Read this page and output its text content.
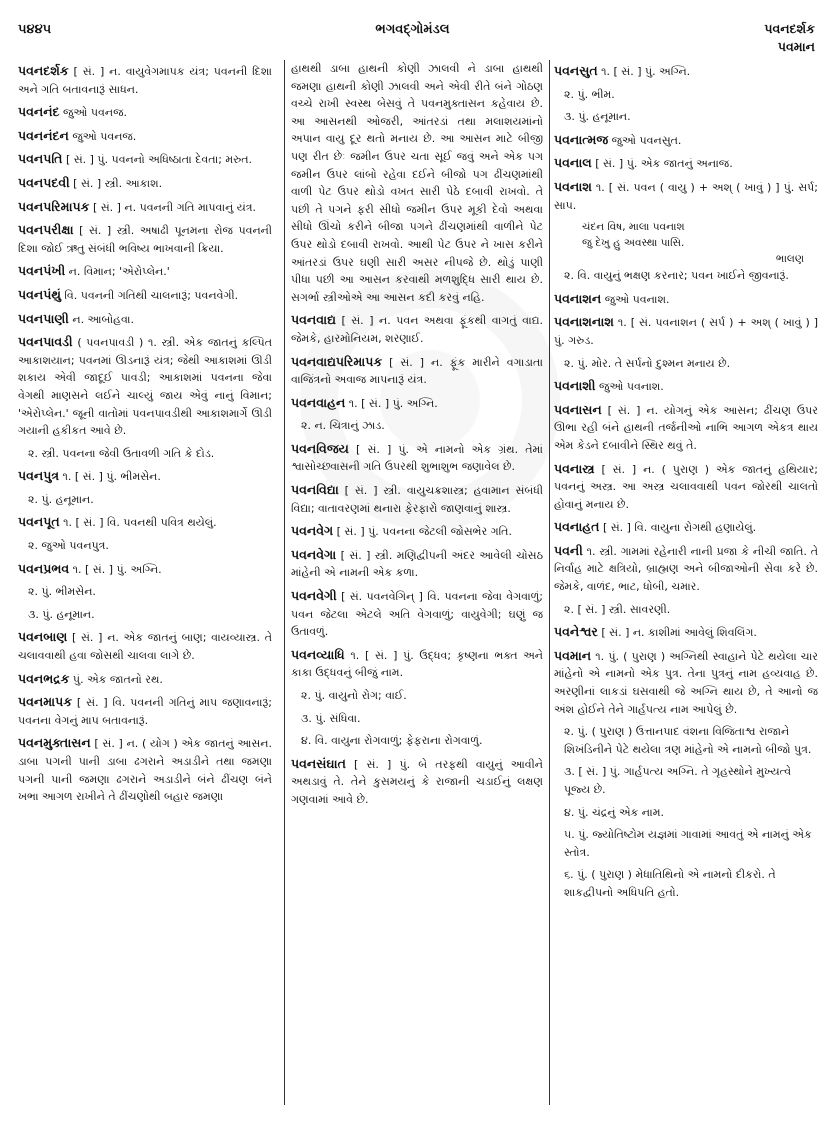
૫૪૪૫	ભગવદ્ગોમંડલ	પવનદર્શક
પવમાન
પવનદર્શક [ સં. ] ન. વાયુવેગમાપક યંત્ર; પવનની દિશા અને ગતિ બતાવનારૂં સાધન.
પવનનંદ જુઓ પવનજ.
પવનનંદન જુઓ પવનજ.
પવનપતિ [ સં. ] પું. પવનનો અધિષ્ઠાતા દેવતા; મરુત.
પવનપદવી [ સં. ] સ્ત્રી. આકાશ.
પવનપરિમાપક [ સં. ] ન. પવનની ગતિ માપવાનું યંત્ર.
પવનપરીક્ષા [ સં. ] સ્ત્રી. અષાઢી પૂનમના રોજ પવનની દિશા જોઈ ઋતુ સંબંધી ભવિષ્ય ભાખવાની ક્રિયા.
પવનપંખી ન. વિમાન; 'એરોપ્લેન.'
પવનપંથું વિ. પવનની ગતિથી ચાલનારૂં; પવનવેગી.
પવનપાણી ન. આબોહવા.
પવનપાવડી ( પવનપાવડી ) ૧. સ્ત્રી. એક જાતનું કલ્પિત આકાશયાન; પવનમાં ઊડનારૂં યંત્ર; જેથી આકાશમાં ઊડી શકાય એવી જાદૂઈ પાવડી; આકાશમાં પવનના જેવા વેગથી માણસને લઈને ચાલ્યું જાય એવું નાનું વિમાન; 'એરોપ્લેન.' જૂની વાતોમાં પવનપાવડીથી આકાશમાર્ગે ઊડી ગયાની હકીકત આવે છે.
૨. સ્ત્રી. પવનના જેવી ઉતાવળી ગતિ કે દોડ.
પવનપુત્ર ૧. [ સં. ] પું. ભીમસેન.
૨. પું. હનૂમાન.
પવનપૂત ૧. [ સં. ] વિ. પવનથી પવિત્ર થયેલું.
૨. જુઓ પવનપુત્ર.
પવનપ્રભવ ૧. [ સં. ] પું. અગ્નિ.
૨. પું. ભીમસેન.
૩. પું. હનૂમાન.
પવનબાણ [ સં. ] ન. એક જાતનું બાણ; વાયવ્યાસ્ત્ર. તે ચલાવવાથી હવા જોસથી ચાલવા લાગે છે.
પવનભદ્રક પું. એક જાતનો રથ.
પવનમાપક [ સં. ] વિ. પવનની ગતિનું માપ જણાવનારૂં; પવનના વેગનું માપ બતાવનારૂં.
પવનમુક્તાસન [ સં. ] ન. ( યોગ ) એક જાતનું આસન. ડાબા પગની પાની ડાબા ઢગરાને અડાડીને તથા જમણા પગની પાની જમણા ઢગરાને અડાડીને બંને ઢીંચણ બંને ખભા આગળ રાખીને તે ઢીંચણોથી બહાર જમણા
હાથથી ડાબા હાથની કોણી ઝાલવી ને ડાબા હાથથી જમણા હાથની કોણી ઝાલવી અને એવી રીતે બંને ગોઠણ વચ્ચે રાખી સ્વસ્થ બેસવું તે પવનમુક્તાસન કહેવાય છે. આ આસનથી ઓજરી, આંતરડાં તથા મલાશયમાંનો અપાન વાયુ દૂર થતો મનાય છે. આ આસન માટે બીજી પણ રીત છેઃ જમીન ઉપર ચતા સૂઈ જવું અને એક પગ જમીન ઉપર લાંબો રહેવા દઈને બીજો પગ ઢીંચણમાંથી વાળી પેટ ઉપર થોડો વખત સારી પેઠે દબાવી રાખવો. તે પછી તે પગને ફરી સીધો જમીન ઉપર મૂકી દેવો અથવા સીધો ઊંચો કરીને બીજા પગને ઢીંચણમાંથી વાળીને પેટ ઉપર થોડો દબાવી રાખવો. આથી પેટ ઉપર ને ખાસ કરીને આંતરડાં ઉપર ઘણી સારી અસર નીપજે છે. થોડું પાણી પીધા પછી આ આસન કરવાથી મળશુદ્ધિ સારી થાય છે. સગર્ભા સ્ત્રીઓએ આ આસન કદી કરવું નહિ.
પવનવાદ્ય [ સં. ] ન. પવન અથવા ફૂંકથી વાગતું વાદ્ય. જેમકે, હારમોનિયમ, શરણાઈ.
પવનવાદ્યપરિમાપક [ સં. ] ન. ફૂંક મારીને વગાડાતા વાજિંત્રનો અવાજ માપનારૂં યંત્ર.
પવનવાહન ૧. [ સં. ] પું. અગ્નિ.
૨. ન. ચિત્રાનું ઝાડ.
પવનવિજય [ સં. ] પું. એ નામનો એક ગ્રંથ. તેમાં શ્વાસોચ્છ્વાસની ગતિ ઉપરથી શુભાશુભ જણાવેલ છે.
પવનવિદ્યા [ સં. ] સ્ત્રી. વાયુચક્રશાસ્ત્ર; હવામાન સંબંધી વિદ્યા; વાતાવરણમાં થનારા ફેરફારો જાણવાનું શાસ્ત્ર.
પવનવેગ [ સં. ] પું. પવનના જેટલી જોસભેર ગતિ.
પવનવેગા [ સં. ] સ્ત્રી. મણિદ્વીપની અંદર આવેલી ચોસઠ માંહેની એ નામની એક કળા.
પવનવેગી [ સં. પવનવેગિન્ ] વિ. પવનના જેવા વેગવાળું; પવન જેટલા એટલે અતિ વેગવાળું; વાયુવેગી; ઘણું જ ઉતાવળું.
પવનવ્યાધિ ૧. [ સં. ] પું. ઉદ્ધવ; કૃષ્ણના ભક્ત અને કાકા ઉદ્ધવનું બીજું નામ.
૨. પું. વાયુનો રોગ; વાઈ.
૩. પું. સંધિવા.
૪. વિ. વાયુના રોગવાળું; ફેફરાના રોગવાળું.
પવનસંઘાત [ સં. ] પું. બે તરફથી વાયુનું આવીને અથડાવું તે. તેને કુસમયનું કે રાજાની ચડાઈનું લક્ષણ ગણવામાં આવે છે.
પવનસુત ૧. [ સં. ] પું. અગ્નિ.
૨. પું. ભીમ.
૩. પું. હનૂમાન.
પવનાત્મજ જુઓ પવનસુત.
પવનાલ [ સં. ] પું. એક જાતનું અનાજ.
પવનાશ ૧. [ સં. પવન ( વાયુ ) + અશ્ ( ખાવું ) ] પું. સર્પ; સાપ.
ચંદન વિષ, માલા પવનાશ
જુ દેખુ હુ અવસ્થા પાસિ.
ભાલણ
૨. વિ. વાયુનું ભક્ષણ કરનાર; પવન ખાઈને જીવનારૂં.
પવનાશન જુઓ પવનાશ.
પવનાશનાશ ૧. [ સં. પવનાશન ( સર્પ ) + અશ્ ( ખાવું ) ] પું. ગરુડ.
૨. પું. મોર. તે સર્પનો દુશ્મન મનાય છે.
પવનાશી જુઓ પવનાશ.
પવનાસન [ સં. ] ન. યોગનું એક આસન; ઢીંચણ ઉપર ઊભા રહી બંને હાથની તર્જનીઓ નાભિ આગળ એકત્ર થાય એમ કેડને દબાવીને સ્થિર થવું તે.
પવનાસ્ત્ર [ સં. ] ન. ( પુરાણ ) એક જાતનું હથિયાર; પવનનું અસ્ત્ર. આ અસ્ત્ર ચલાવવાથી પવન જોરથી ચાલતો હોવાનું મનાય છે.
પવનાહત [ સં. ] વિ. વાયુના રોગથી હણાયેલું.
પવની ૧. સ્ત્રી. ગામમાં રહેનારી નાની પ્રજા કે નીચી જાતિ. તે નિર્વાહ માટે ક્ષત્રિયો, બ્રાહ્મણ અને બીજાઓની સેવા કરે છે. જેમકે, વાળંદ, ભાટ, ધોબી, ચમાર.
૨. [ સં. ] સ્ત્રી. સાવરણી.
પવનેશ્વર [ સં. ] ન. કાશીમાં આવેલું શિવલિંગ.
પવમાન ૧. પું. ( પુરાણ ) અગ્નિથી સ્વાહાને પેટે થયેલા ચાર માંહેનો એ નામનો એક પુત્ર. તેના પુત્રનું નામ હવ્યવાહ છે. અરણીનાં લાકડાં ઘસવાથી જે અગ્નિ થાય છે, તે આનો જ અંશ હોઈને તેને ગાર્હપત્ય નામ આપેલું છે.
૨. પું. ( પુરાણ ) ઉત્તાનપાદ વંશના વિજિતાશ્વ રાજાને શિખંડિનીને પેટે થયેલા ત્રણ માંહેનો એ નામનો બીજો પુત્ર.
૩. [ સં. ] પું. ગાર્હપત્ય અગ્નિ. તે ગૃહસ્થોને મુખ્યત્વે પૂજ્ય છે.
૪. પું. ચંદ્રનું એક નામ.
૫. પું. જ્યોતિષ્ટોમ યજ્ઞમાં ગાવામાં આવતું એ નામનું એક સ્તોત્ર.
૬. પું. ( પુરાણ ) મેધાતિથિનો એ નામનો દીકરો. તે શાકદ્વીપનો અધિપતિ હતો.
